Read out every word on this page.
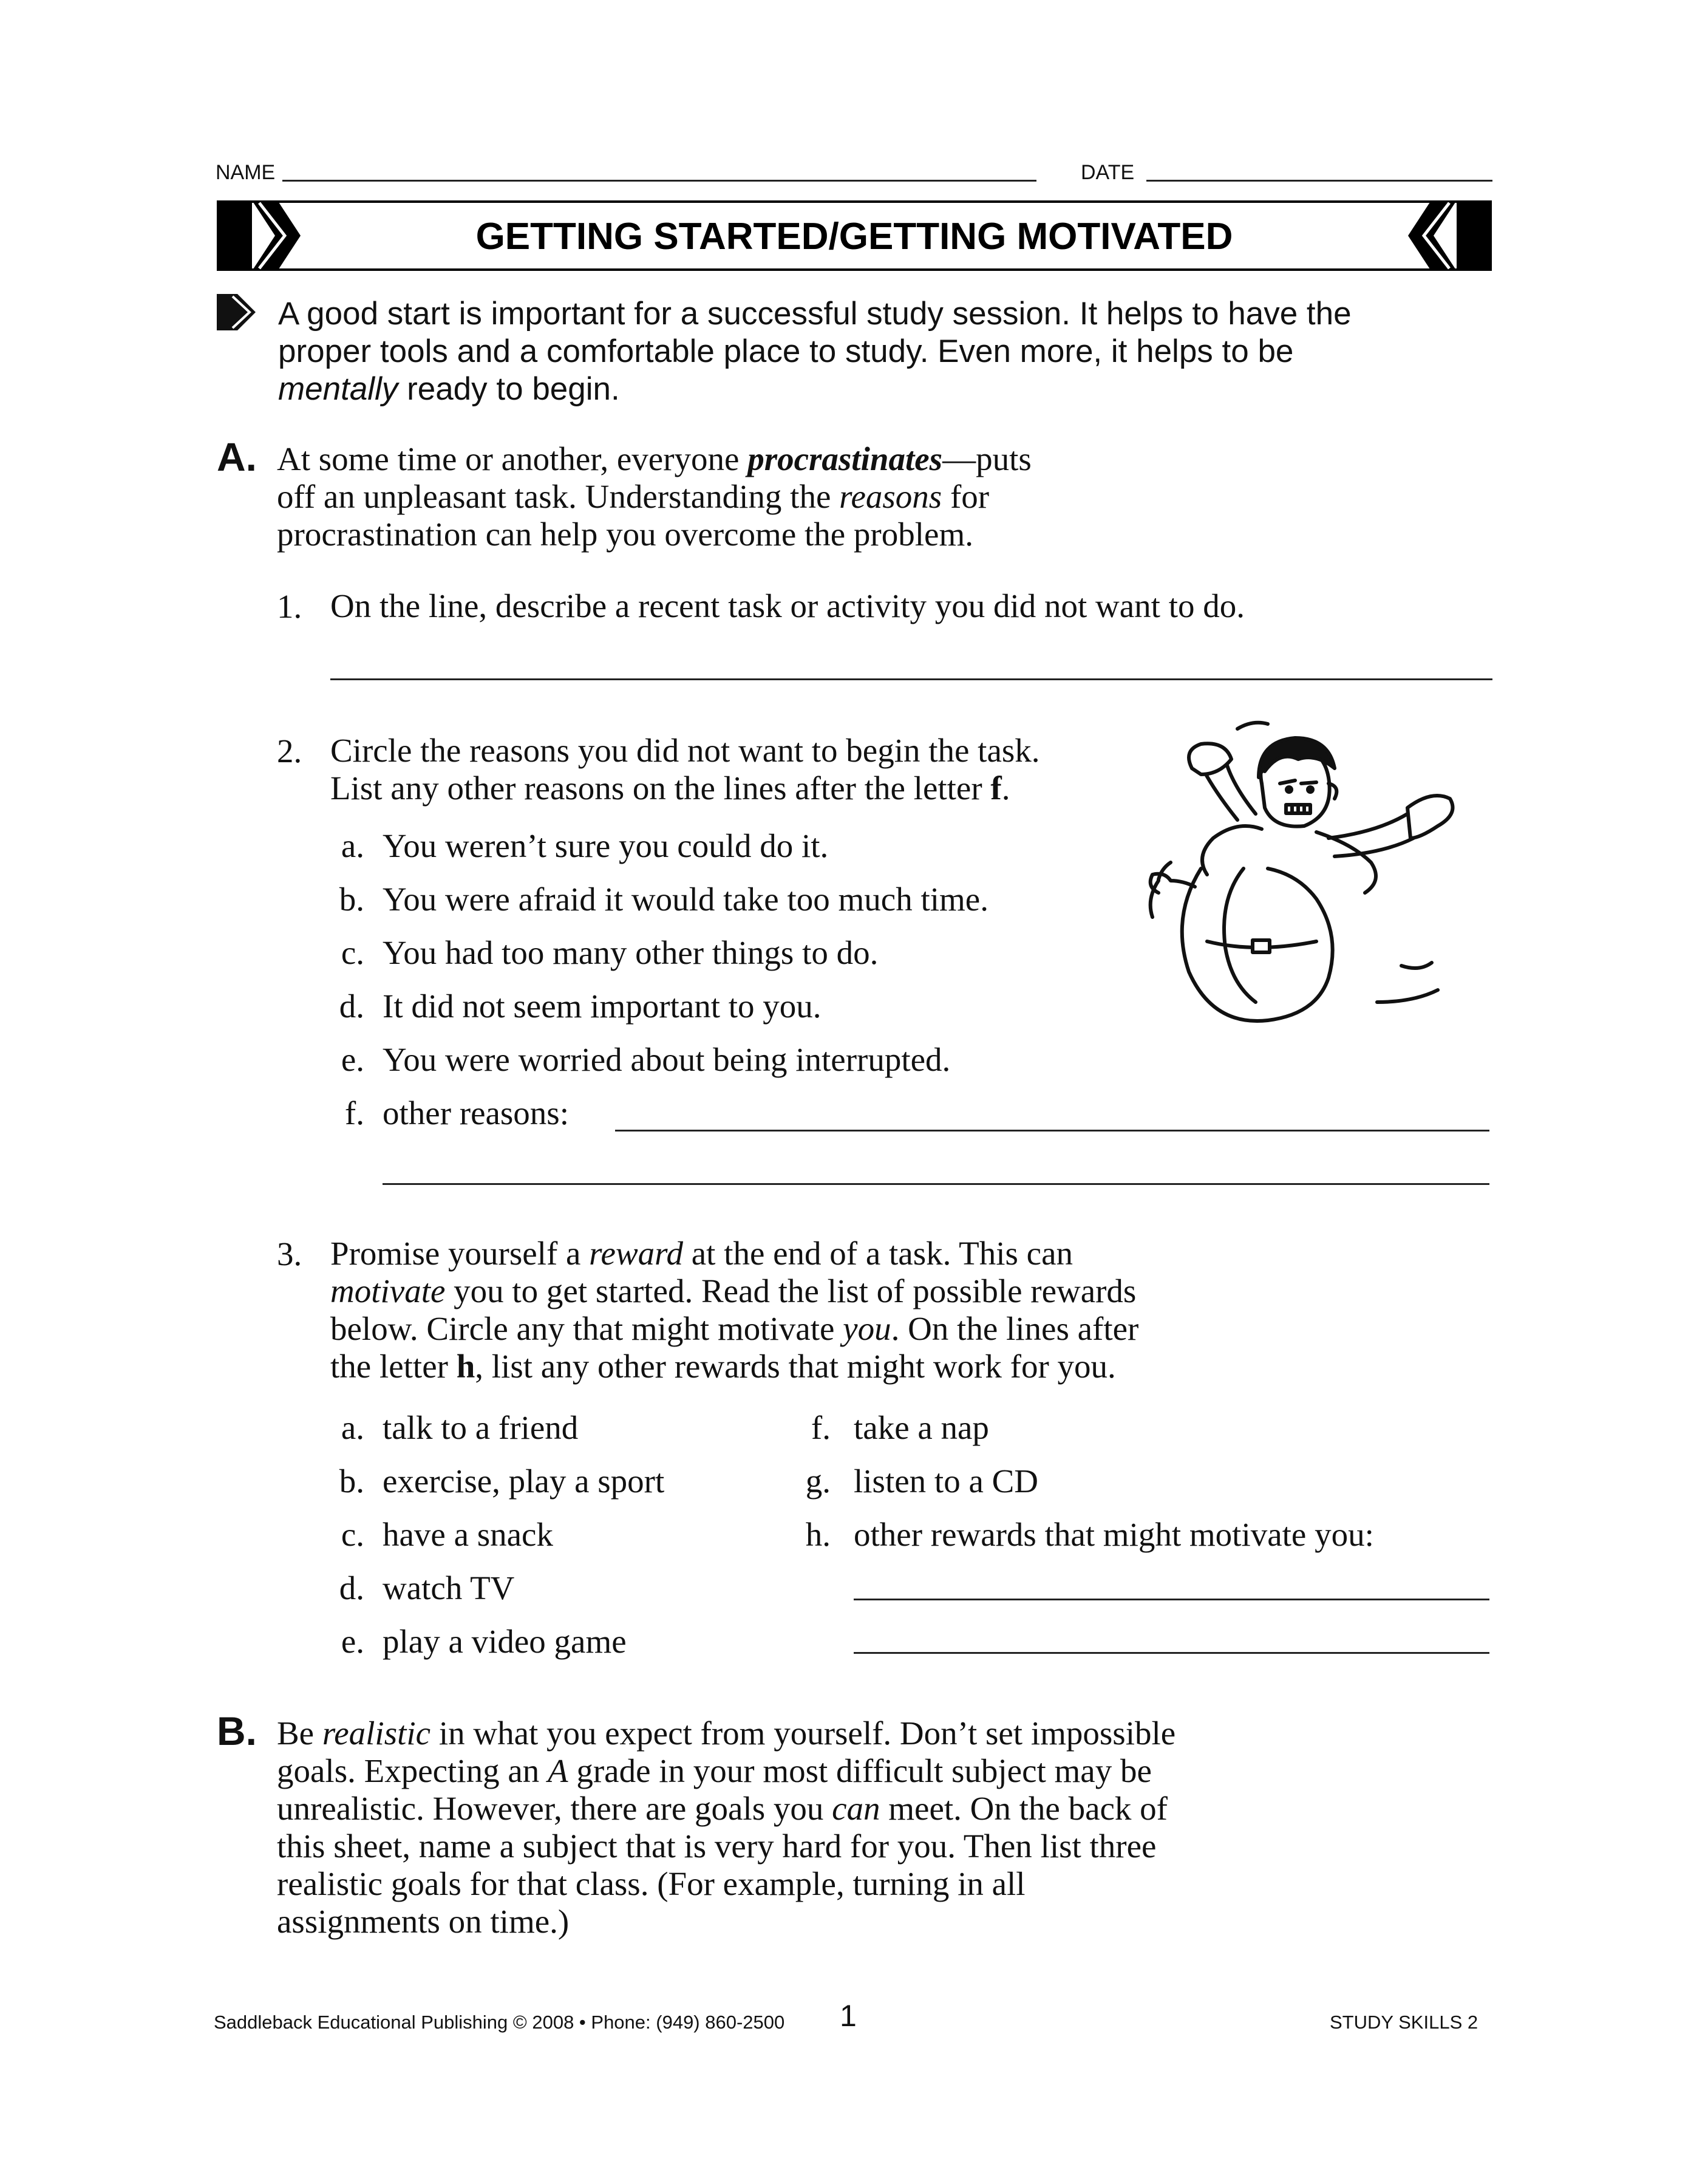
NAME	DATE
GETTING STARTED/GETTING MOTIVATED
A good start is important for a successful study session. It helps to have the
proper tools and a comfortable place to study. Even more, it helps to be
mentally ready to begin.
A. At some time or another, everyone procrastinates—puts
off an unpleasant task. Understanding the reasons for
procrastination can help you overcome the problem.
1. On the line, describe a recent task or activity you did not want to do.
2. Circle the reasons you did not want to begin the task.
List any other reasons on the lines after the letter f.
a. You weren’t sure you could do it.
b. You were afraid it would take too much time.
c. You had too many other things to do.
d. It did not seem important to you.
e. You were worried about being interrupted.
f. other reasons:
3. Promise yourself a reward at the end of a task. This can
motivate you to get started. Read the list of possible rewards
below. Circle any that might motivate you. On the lines after
the letter h, list any other rewards that might work for you.
a. talk to a friend
b. exercise, play a sport
c. have a snack
d. watch TV
e. play a video game
f. take a nap
g. listen to a CD
h. other rewards that might motivate you:
B. Be realistic in what you expect from yourself. Don’t set impossible
goals. Expecting an A grade in your most difficult subject may be
unrealistic. However, there are goals you can meet. On the back of
this sheet, name a subject that is very hard for you. Then list three
realistic goals for that class. (For example, turning in all
assignments on time.)
Saddleback Educational Publishing © 2008 • Phone: (949) 860-2500 1	STUDY SKILLS 2
